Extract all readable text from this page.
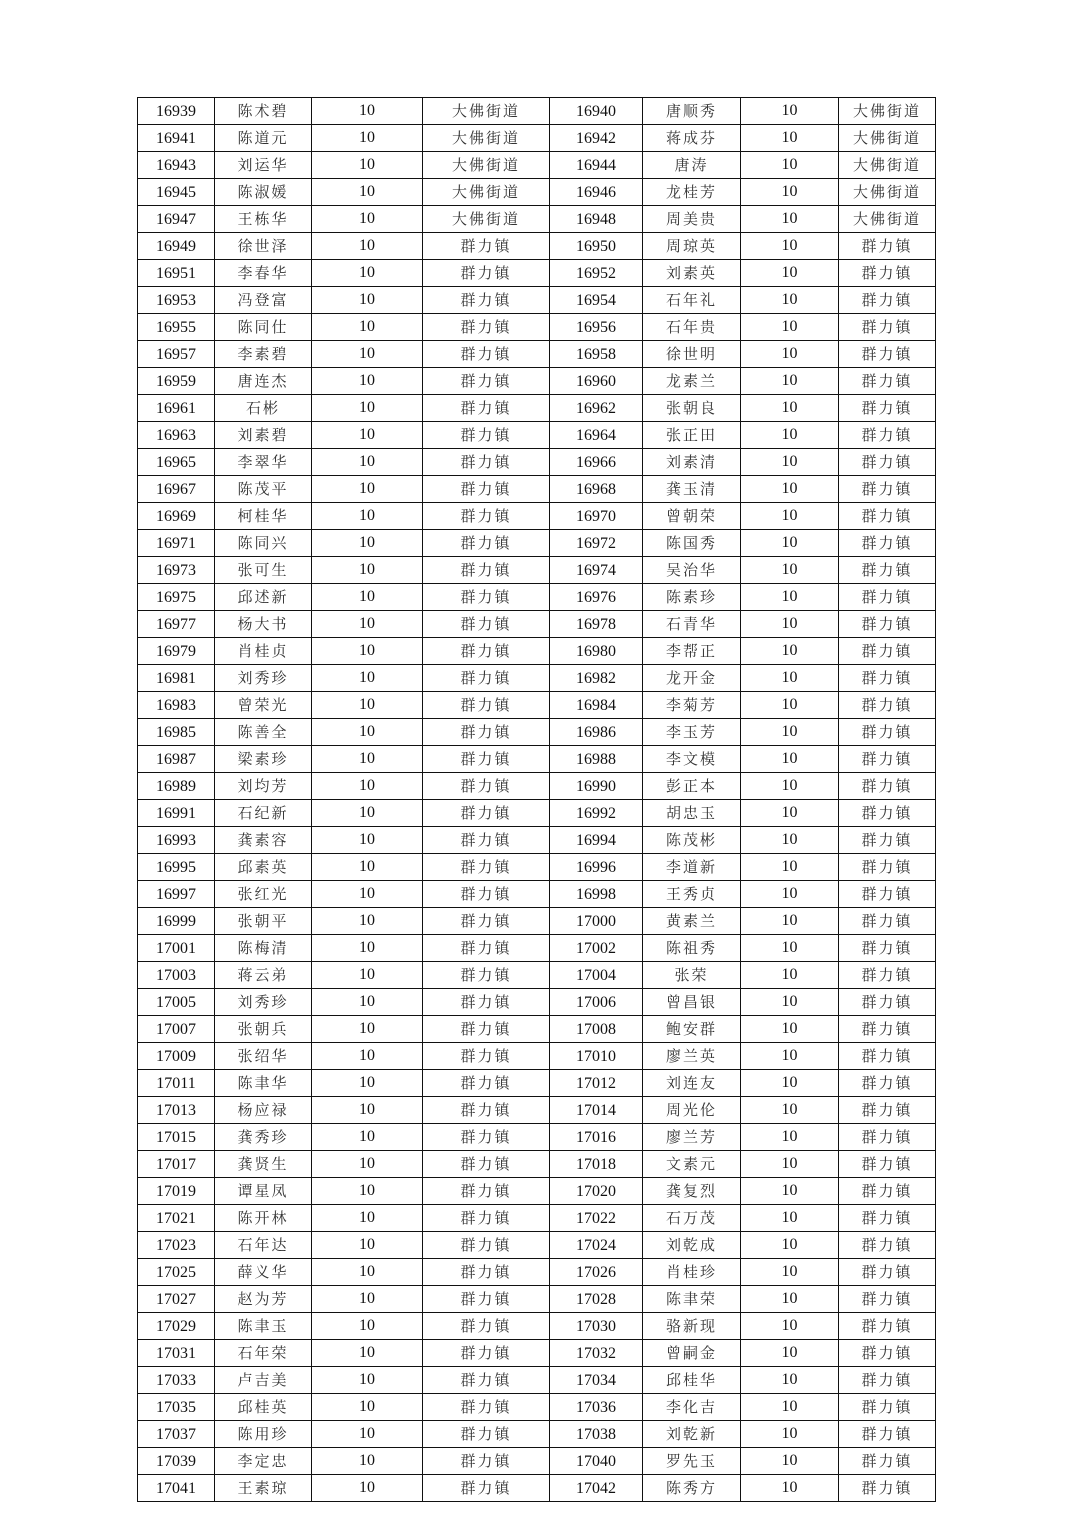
16939	陈术碧	10	大佛街道	16940	唐顺秀	10	大佛街道
16941	陈道元	10	大佛街道	16942	蒋成芬	10	大佛街道
16943	刘运华	10	大佛街道	16944	唐涛	10	大佛街道
16945	陈淑媛	10	大佛街道	16946	龙桂芳	10	大佛街道
16947	王栋华	10	大佛街道	16948	周美贵	10	大佛街道
16949	徐世泽	10	群力镇	16950	周琼英	10	群力镇
16951	李春华	10	群力镇	16952	刘素英	10	群力镇
16953	冯登富	10	群力镇	16954	石年礼	10	群力镇
16955	陈同仕	10	群力镇	16956	石年贵	10	群力镇
16957	李素碧	10	群力镇	16958	徐世明	10	群力镇
16959	唐连杰	10	群力镇	16960	龙素兰	10	群力镇
16961	石彬	10	群力镇	16962	张朝良	10	群力镇
16963	刘素碧	10	群力镇	16964	张正田	10	群力镇
16965	李翠华	10	群力镇	16966	刘素清	10	群力镇
16967	陈茂平	10	群力镇	16968	龚玉清	10	群力镇
16969	柯桂华	10	群力镇	16970	曾朝荣	10	群力镇
16971	陈同兴	10	群力镇	16972	陈国秀	10	群力镇
16973	张可生	10	群力镇	16974	吴治华	10	群力镇
16975	邱述新	10	群力镇	16976	陈素珍	10	群力镇
16977	杨大书	10	群力镇	16978	石青华	10	群力镇
16979	肖桂贞	10	群力镇	16980	李帮正	10	群力镇
16981	刘秀珍	10	群力镇	16982	龙开金	10	群力镇
16983	曾荣光	10	群力镇	16984	李菊芳	10	群力镇
16985	陈善全	10	群力镇	16986	李玉芳	10	群力镇
16987	梁素珍	10	群力镇	16988	李文模	10	群力镇
16989	刘均芳	10	群力镇	16990	彭正本	10	群力镇
16991	石纪新	10	群力镇	16992	胡忠玉	10	群力镇
16993	龚素容	10	群力镇	16994	陈茂彬	10	群力镇
16995	邱素英	10	群力镇	16996	李道新	10	群力镇
16997	张红光	10	群力镇	16998	王秀贞	10	群力镇
16999	张朝平	10	群力镇	17000	黄素兰	10	群力镇
17001	陈梅清	10	群力镇	17002	陈祖秀	10	群力镇
17003	蒋云弟	10	群力镇	17004	张荣	10	群力镇
17005	刘秀珍	10	群力镇	17006	曾昌银	10	群力镇
17007	张朝兵	10	群力镇	17008	鲍安群	10	群力镇
17009	张绍华	10	群力镇	17010	廖兰英	10	群力镇
17011	陈聿华	10	群力镇	17012	刘连友	10	群力镇
17013	杨应禄	10	群力镇	17014	周光伦	10	群力镇
17015	龚秀珍	10	群力镇	17016	廖兰芳	10	群力镇
17017	龚贤生	10	群力镇	17018	文素元	10	群力镇
17019	谭星凤	10	群力镇	17020	龚复烈	10	群力镇
17021	陈开林	10	群力镇	17022	石万茂	10	群力镇
17023	石年达	10	群力镇	17024	刘乾成	10	群力镇
17025	薛义华	10	群力镇	17026	肖桂珍	10	群力镇
17027	赵为芳	10	群力镇	17028	陈聿荣	10	群力镇
17029	陈聿玉	10	群力镇	17030	骆新现	10	群力镇
17031	石年荣	10	群力镇	17032	曾嗣金	10	群力镇
17033	卢吉美	10	群力镇	17034	邱桂华	10	群力镇
17035	邱桂英	10	群力镇	17036	李化吉	10	群力镇
17037	陈用珍	10	群力镇	17038	刘乾新	10	群力镇
17039	李定忠	10	群力镇	17040	罗先玉	10	群力镇
17041	王素琼	10	群力镇	17042	陈秀方	10	群力镇
